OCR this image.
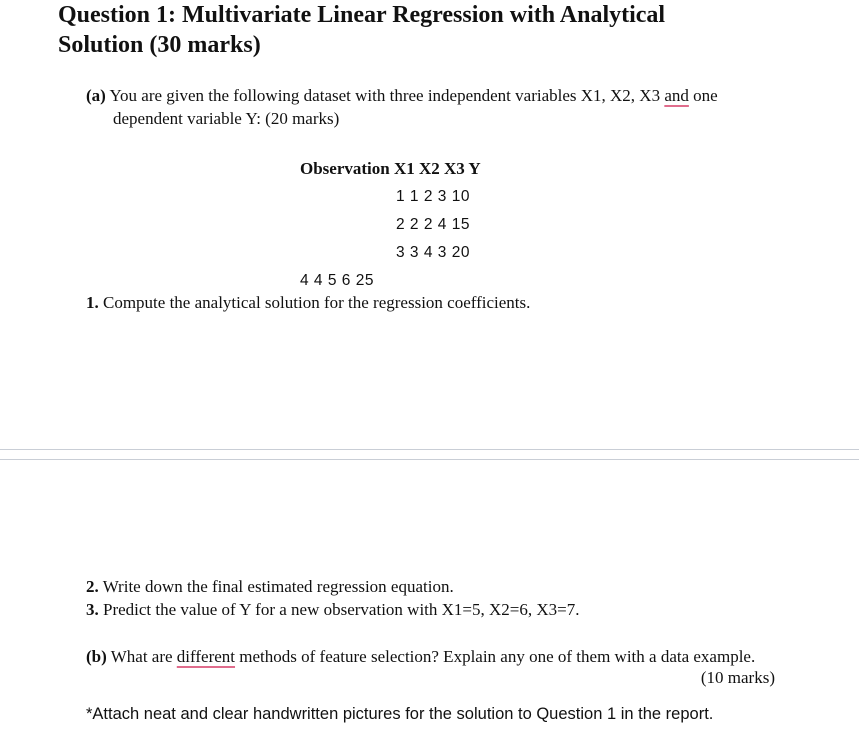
Question 1: Multivariate Linear Regression with Analytical
Solution (30 marks)
(a) You are given the following dataset with three independent variables X1, X2, X3 and one
dependent variable Y: (20 marks)
Observation X1 X2 X3 Y
1 1 2 3 10
2 2 2 4 15
3 3 4 3 20
4 4 5 6 25
1. Compute the analytical solution for the regression coefficients.
2. Write down the final estimated regression equation.
3. Predict the value of Y for a new observation with X1=5, X2=6, X3=7.
(b) What are different methods of feature selection? Explain any one of them with a data example.
(10 marks)
*Attach neat and clear handwritten pictures for the solution to Question 1 in the report.
